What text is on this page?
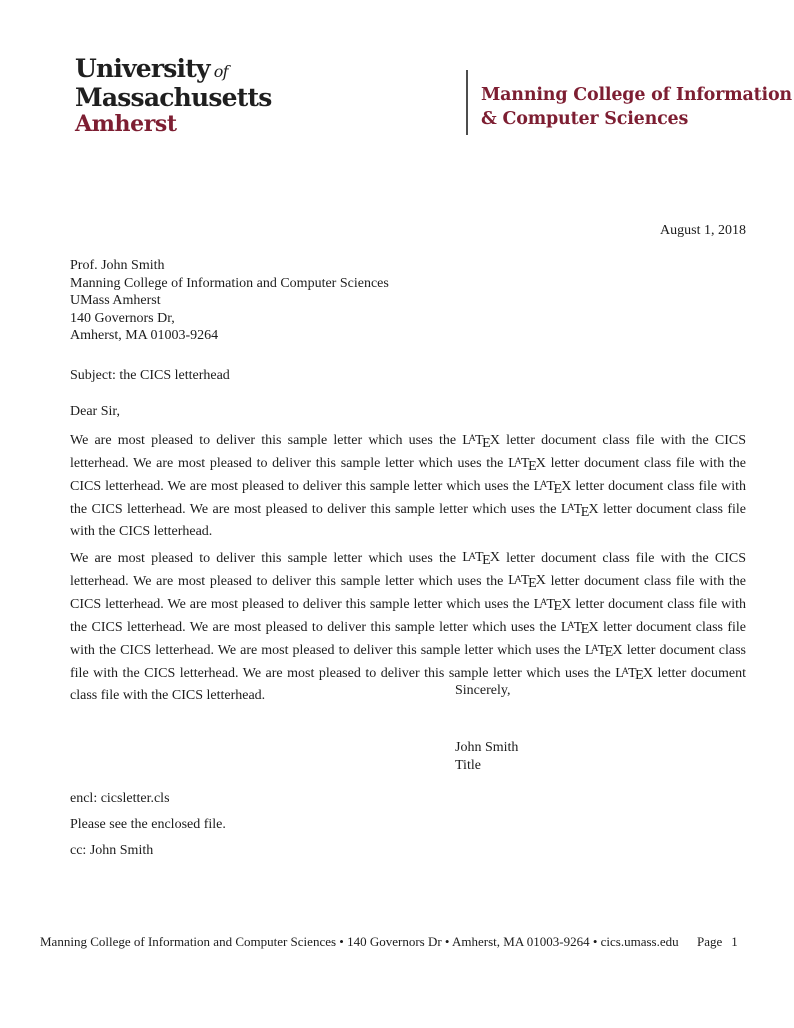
University of
Massachusetts
Amherst
Manning College of Information
& Computer Sciences
August 1, 2018
Prof. John Smith
Manning College of Information and Computer Sciences
UMass Amherst
140 Governors Dr,
Amherst, MA 01003-9264
Subject: the CICS letterhead
Dear Sir,

We are most pleased to deliver this sample letter which uses the $L^ATEX$ letter document class file with the CICS letterhead. We are most pleased to deliver this sample letter which uses the $L^ATEX$ letter document class file with the CICS letterhead. We are most pleased to deliver this sample letter which uses the $L^ATEX$ letter document class file with the CICS letterhead. We are most pleased to deliver this sample letter which uses the $L^ATEX$ letter document class file with the CICS letterhead.

We are most pleased to deliver this sample letter which uses the $L^ATEX$ letter document class file with the CICS letterhead. We are most pleased to deliver this sample letter which uses the $L^ATEX$ letter document class file with the CICS letterhead. We are most pleased to deliver this sample letter which uses the $L^ATEX$ letter document class file with the CICS letterhead. We are most pleased to deliver this sample letter which uses the $L^ATEX$ letter document class file with the CICS letterhead. We are most pleased to deliver this sample letter which uses the $L^ATEX$ letter document class file with the CICS letterhead. We are most pleased to deliver this sample letter which uses the $L^ATEX$ letter document class file with the CICS letterhead.	Sincerely,
John Smith
Title
encl: cicsletter.cls
Please see the enclosed file.
cc: John Smith
Manning College of Information and Computer Sciences • 140 Governors Dr • Amherst, MA 01003-9264 • cics.umass.edu Page 1
